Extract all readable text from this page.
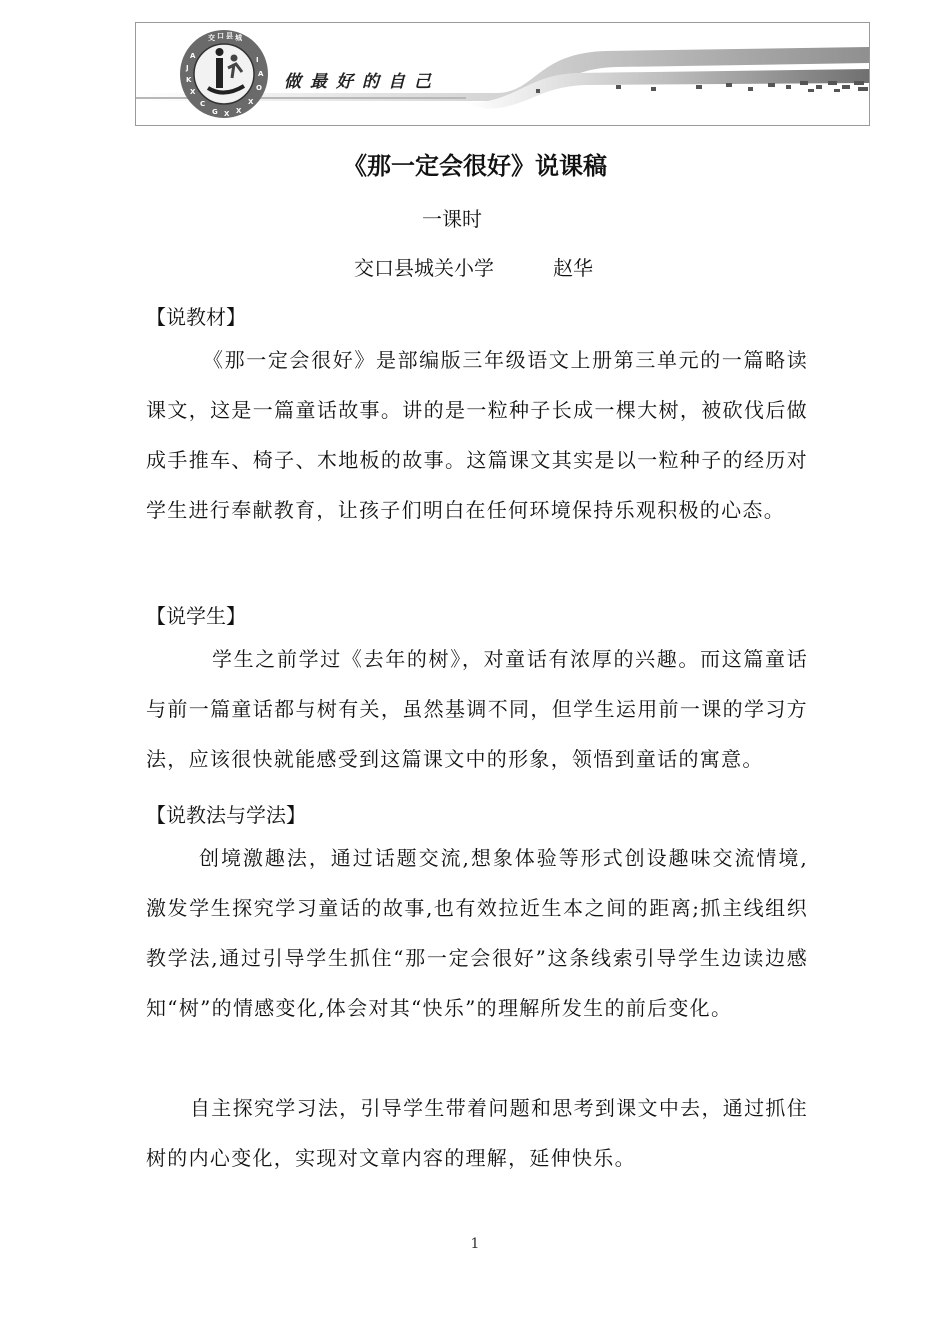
交 口 县 城
A
J
K
X
C
G X X
X
O
A
I
做最好的自己
《那一定会很好》说课稿
一课时
交口县城关小学	赵华
【说教材】

《那一定会很好》是部编版三年级语文上册第三单元的一篇略读课文，这是一篇童话故事。讲的是一粒种子长成一棵大树，被砍伐后做成手推车、椅子、木地板的故事。这篇课文其实是以一粒种子的经历对学生进行奉献教育，让孩子们明白在任何环境保持乐观积极的心态。

【说学生】

学生之前学过《去年的树》，对童话有浓厚的兴趣。而这篇童话与前一篇童话都与树有关，虽然基调不同，但学生运用前一课的学习方法，应该很快就能感受到这篇课文中的形象，领悟到童话的寓意。

【说教法与学法】

创境激趣法，通过话题交流,想象体验等形式创设趣味交流情境,激发学生探究学习童话的故事,也有效拉近生本之间的距离;抓主线组织教学法,通过引导学生抓住“那一定会很好”这条线索引导学生边读边感知“树”的情感变化,体会对其“快乐”的理解所发生的前后变化。

自主探究学习法，引导学生带着问题和思考到课文中去，通过抓住树的内心变化，实现对文章内容的理解，延伸快乐。

1
